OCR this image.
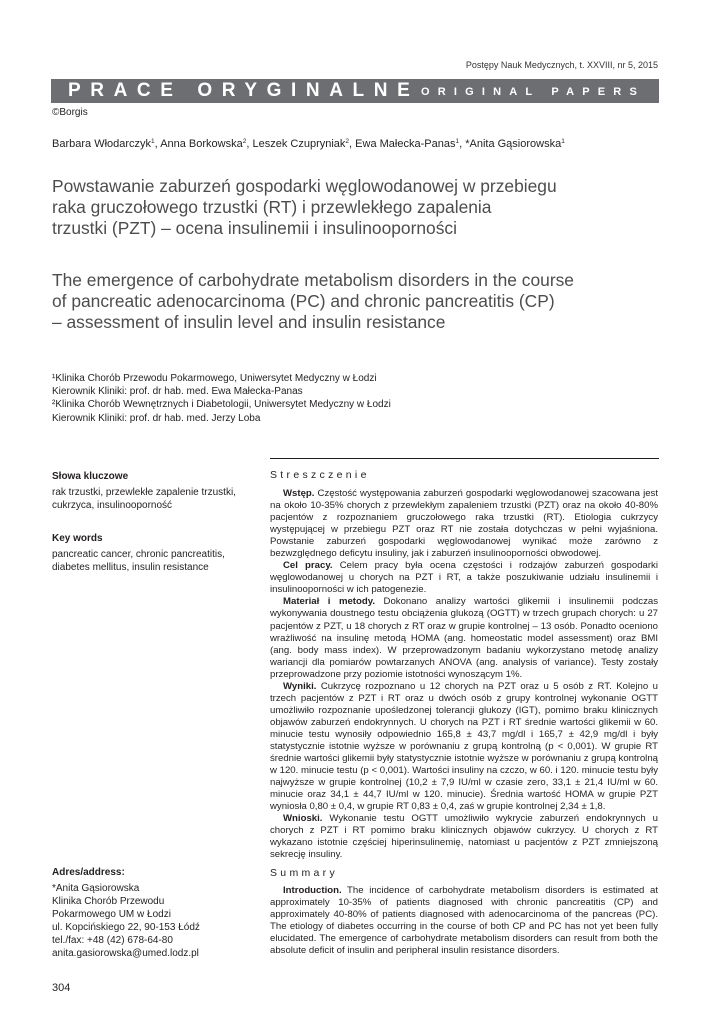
Postępy Nauk Medycznych, t. XXVIII, nr 5, 2015
PRACE ORYGINALNE ORIGINAL PAPERS
©Borgis
Barbara Włodarczyk$^1$, Anna Borkowska$^2$, Leszek Czupryniak$^2$, Ewa Małecka-Panas$^1$, *Anita Gąsiorowska$^1$
Powstawanie zaburzeń gospodarki węglowodanowej w przebiegu
raka gruczołowego trzustki (RT) i przewlekłego zapalenia
trzustki (PZT) – ocena insulinemii i insulinooporności
The emergence of carbohydrate metabolism disorders in the course
of pancreatic adenocarcinoma (PC) and chronic pancreatitis (CP)
– assessment of insulin level and insulin resistance
¹Klinika Chorób Przewodu Pokarmowego, Uniwersytet Medyczny w Łodzi
Kierownik Kliniki: prof. dr hab. med. Ewa Małecka-Panas
²Klinika Chorób Wewnętrznych i Diabetologii, Uniwersytet Medyczny w Łodzi
Kierownik Kliniki: prof. dr hab. med. Jerzy Loba
Słowa kluczowe
rak trzustki, przewlekłe zapalenie trzustki, cukrzyca, insulinooporność
Key words
pancreatic cancer, chronic pancreatitis, diabetes mellitus, insulin resistance
Adres/address:
*Anita Gąsiorowska
Klinika Chorób Przewodu
Pokarmowego UM w Łodzi
ul. Kopcińskiego 22, 90-153 Łódź
tel./fax: +48 (42) 678-64-80
anita.gasiorowska@umed.lodz.pl
Streszczenie

Wstęp. Częstość występowania zaburzeń gospodarki węglowodanowej szacowana jest na około 10-35% chorych z przewlekłym zapaleniem trzustki (PZT) oraz na około 40-80% pacjentów z rozpoznaniem gruczołowego raka trzustki (RT). Etiologia cukrzycy występującej w przebiegu PZT oraz RT nie została dotychczas w pełni wyjaśniona. Powstanie zaburzeń gospodarki węglowodanowej wynikać może zarówno z bezwzględnego deficytu insuliny, jak i zaburzeń insulinooporności obwodowej.

Cel pracy. Celem pracy była ocena częstości i rodzajów zaburzeń gospodarki węglowodanowej u chorych na PZT i RT, a także poszukiwanie udziału insulinemii i insulinooporności w ich patogenezie.

Materiał i metody. Dokonano analizy wartości glikemii i insulinemii podczas wykonywania doustnego testu obciążenia glukozą (OGTT) w trzech grupach chorych: u 27 pacjentów z PZT, u 18 chorych z RT oraz w grupie kontrolnej – 13 osób. Ponadto oceniono wrażliwość na insulinę metodą HOMA (ang. homeostatic model assessment) oraz BMI (ang. body mass index). W przeprowadzonym badaniu wykorzystano metodę analizy wariancji dla pomiarów powtarzanych ANOVA (ang. analysis of variance). Testy zostały przeprowadzone przy poziomie istotności wynoszącym 1%.

Wyniki. Cukrzycę rozpoznano u 12 chorych na PZT oraz u 5 osób z RT. Kolejno u trzech pacjentów z PZT i RT oraz u dwóch osób z grupy kontrolnej wykonanie OGTT umożliwiło rozpoznanie upośledzonej tolerancji glukozy (IGT), pomimo braku klinicznych objawów zaburzeń endokrynnych. U chorych na PZT i RT średnie wartości glikemii w 60. minucie testu wynosiły odpowiednio 165,8 ± 43,7 mg/dl i 165,7 ± 42,9 mg/dl i były statystycznie istotnie wyższe w porównaniu z grupą kontrolną (p < 0,001). W grupie RT średnie wartości glikemii były statystycznie istotnie wyższe w porównaniu z grupą kontrolną w 120. minucie testu (p < 0,001). Wartości insuliny na czczo, w 60. i 120. minucie testu były najwyższe w grupie kontrolnej (10,2 ± 7,9 IU/ml w czasie zero, 33,1 ± 21,4 IU/ml w 60. minucie oraz 34,1 ± 44,7 IU/ml w 120. minucie). Średnia wartość HOMA w grupie PZT wyniosła 0,80 ± 0,4, w grupie RT 0,83 ± 0,4, zaś w grupie kontrolnej 2,34 ± 1,8.

Wnioski. Wykonanie testu OGTT umożliwiło wykrycie zaburzeń endokrynnych u chorych z PZT i RT pomimo braku klinicznych objawów cukrzycy. U chorych z RT wykazano istotnie częściej hiperinsulinemię, natomiast u pacjentów z PZT zmniejszoną sekrecję insuliny.

Summary

Introduction. The incidence of carbohydrate metabolism disorders is estimated at approximately 10-35% of patients diagnosed with chronic pancreatitis (CP) and approximately 40-80% of patients diagnosed with adenocarcinoma of the pancreas (PC). The etiology of diabetes occurring in the course of both CP and PC has not yet been fully elucidated. The emergence of carbohydrate metabolism disorders can result from both the absolute deficit of insulin and peripheral insulin resistance disorders.

304
